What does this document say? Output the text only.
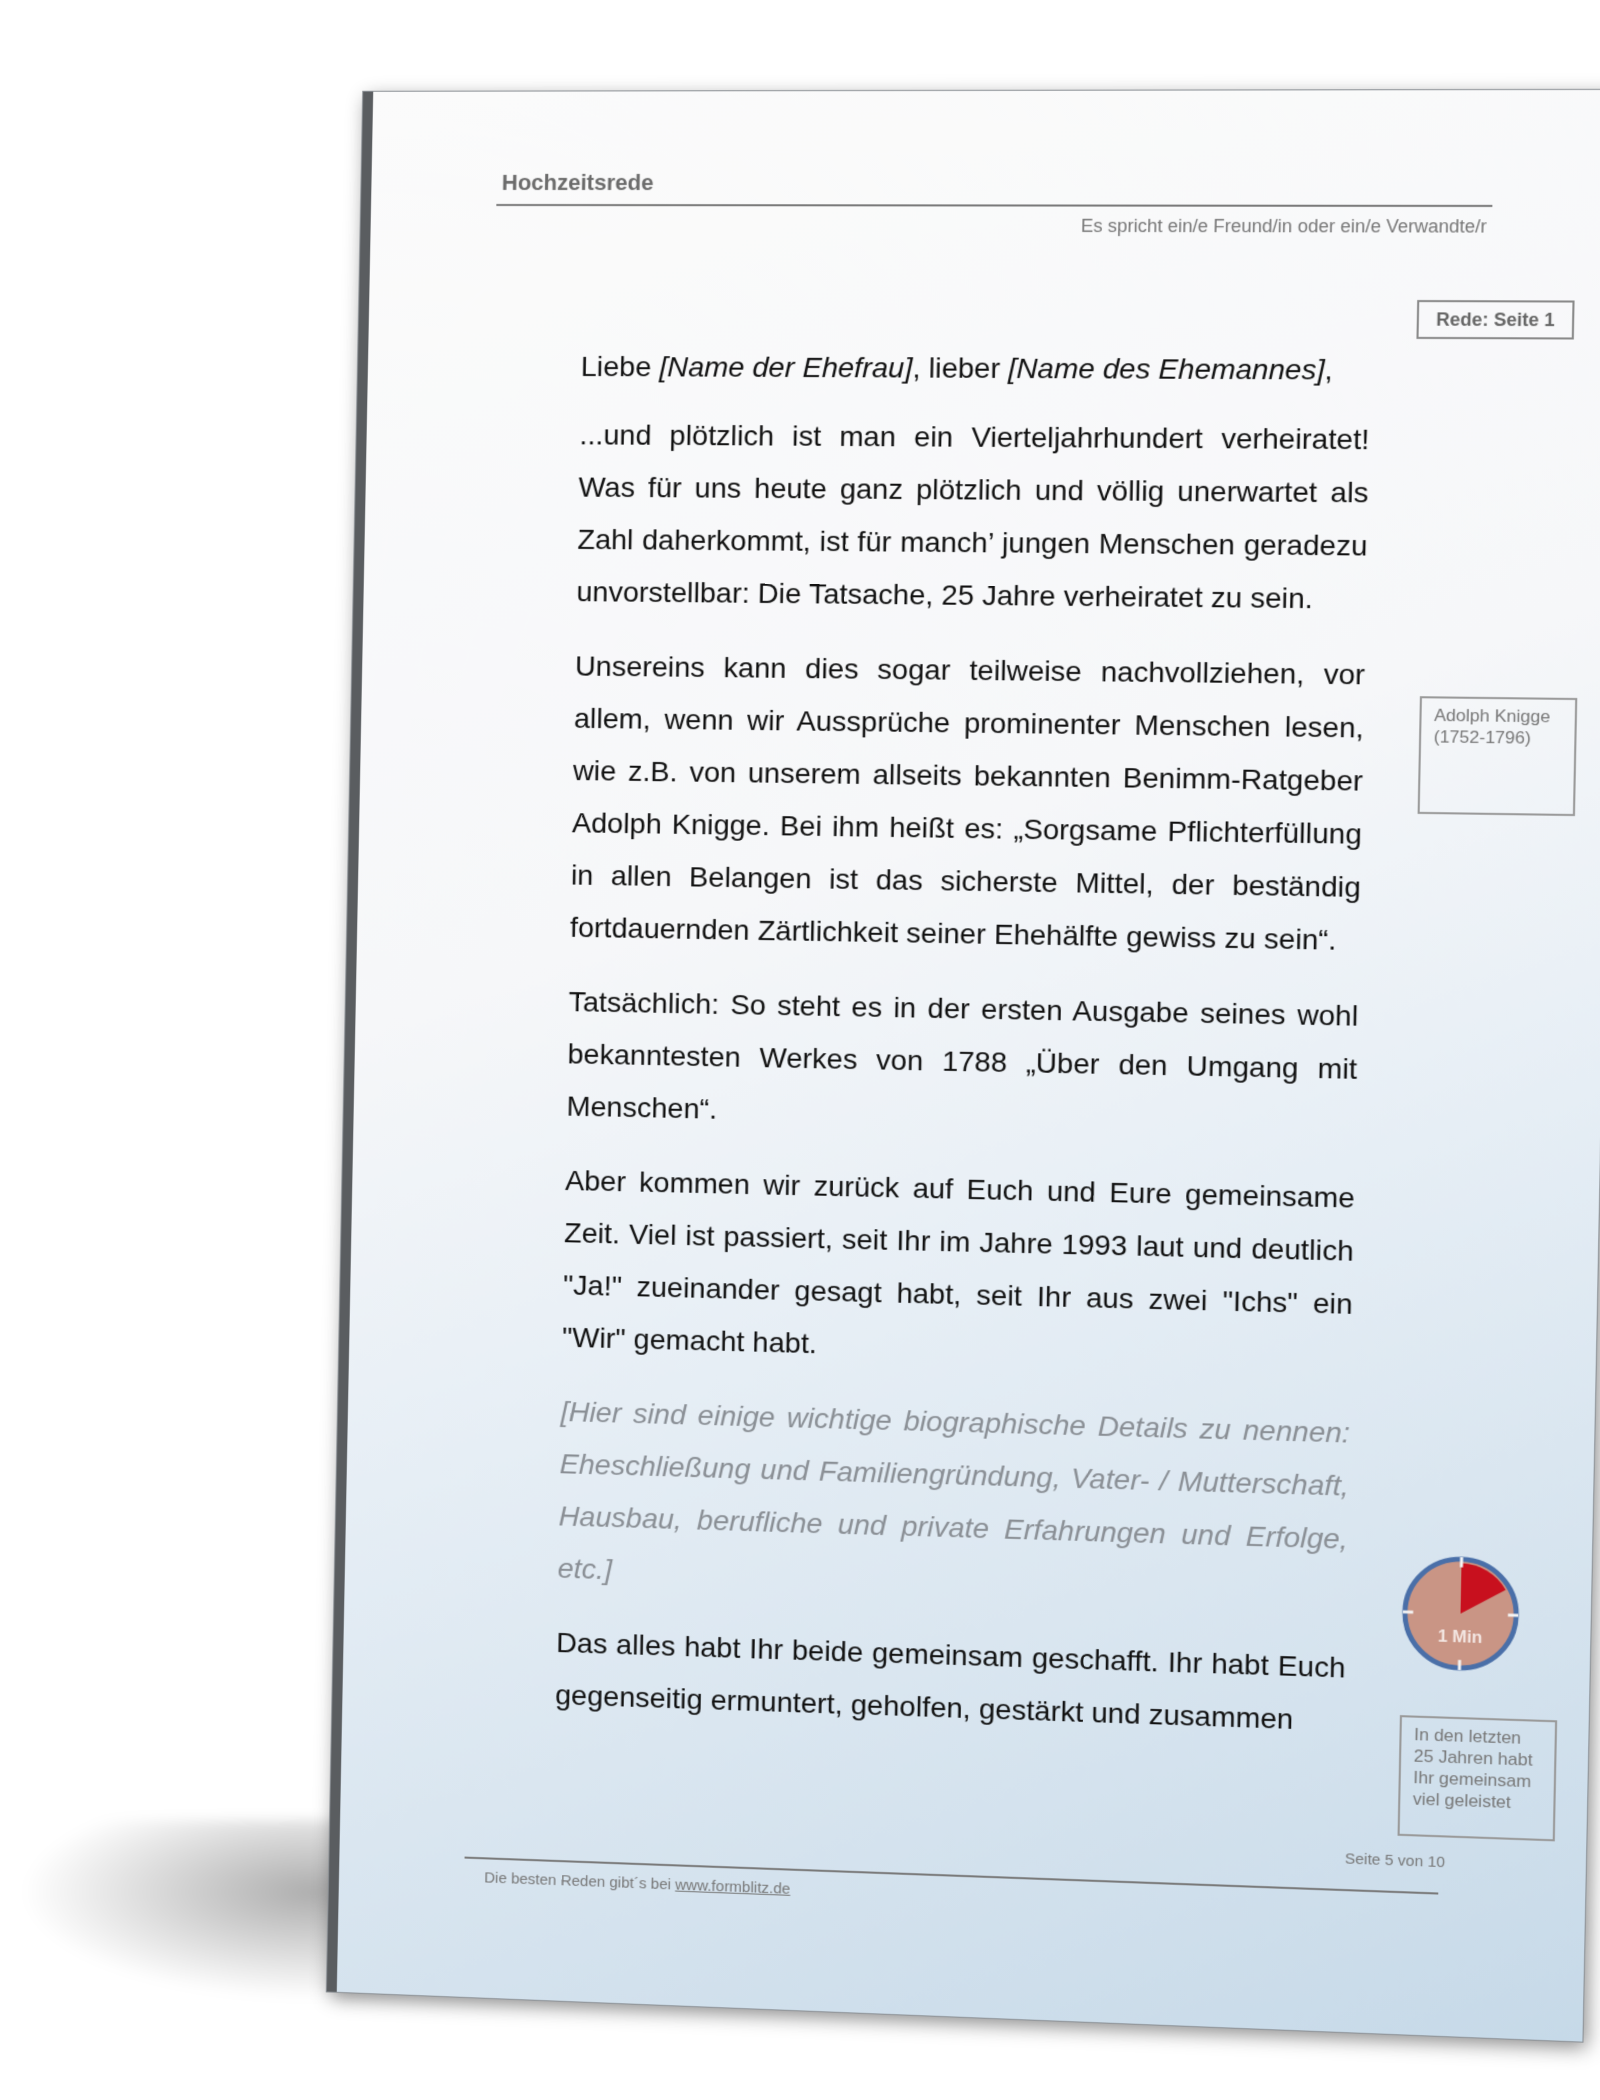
Hochzeitsrede
Es spricht ein/e Freund/in oder ein/e Verwandte/r
Rede: Seite 1

Liebe [Name der Ehefrau], lieber [Name des Ehemannes],

...und plötzlich ist man ein Vierteljahrhundert verheiratet! Was für uns heute ganz plötzlich und völlig unerwartet als Zahl daherkommt, ist für manch’ jungen Menschen geradezu unvorstellbar: Die Tatsache, 25 Jahre verheiratet zu sein.

Unsereins kann dies sogar teilweise nachvollziehen, vor allem, wenn wir Aussprüche prominenter Menschen lesen, wie z.B. von unserem allseits bekannten Benimm-Ratgeber Adolph Knigge. Bei ihm heißt es: „Sorgsame Pflichterfüllung in allen Belangen ist das sicherste Mittel, der beständig fortdauernden Zärtlichkeit seiner Ehehälfte gewiss zu sein“.

Tatsächlich: So steht es in der ersten Ausgabe seines wohl bekanntesten Werkes von 1788 „Über den Umgang mit Menschen“.

Aber kommen wir zurück auf Euch und Eure gemeinsame Zeit. Viel ist passiert, seit Ihr im Jahre 1993 laut und deutlich "Ja!" zueinander gesagt habt, seit Ihr aus zwei "Ichs" ein "Wir" gemacht habt.

[Hier sind einige wichtige biographische Details zu nennen: Eheschließung und Familiengründung, Vater- / Mutterschaft, Hausbau, berufliche und private Erfahrungen und Erfolge, etc.]

Das alles habt Ihr beide gemeinsam geschafft. Ihr habt Euch gegenseitig ermuntert, geholfen, gestärkt und zusammen

Adolph Knigge
(1752-1796)
1 Min
In den letzten 25 Jahren habt Ihr gemeinsam viel geleistet
Seite 5 von 10
Die besten Reden gibt´s bei www.formblitz.de
